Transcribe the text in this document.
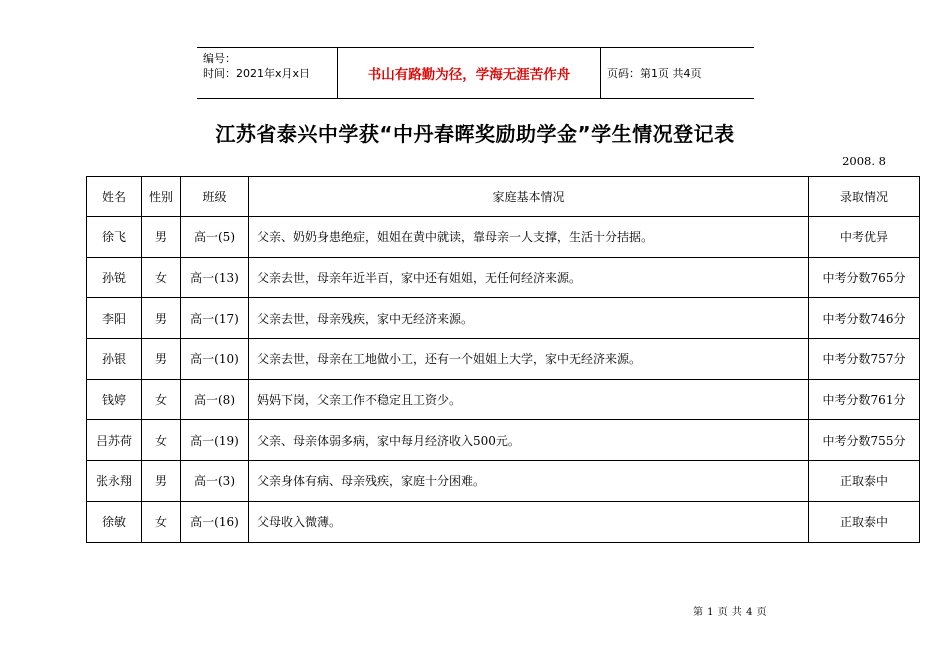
编号：
时间：2021年x月x日	书山有路勤为径，学海无涯苦作舟	页码：第1页 共4页
江苏省泰兴中学获“中丹春晖奖励助学金”学生情况登记表
2008. 8
姓名	性别	班级	家庭基本情况	录取情况
徐飞	男	高一(5)	父亲、奶奶身患绝症，姐姐在黄中就读，靠母亲一人支撑，生活十分拮据。	中考优异
孙锐	女	高一(13)	父亲去世，母亲年近半百，家中还有姐姐，无任何经济来源。	中考分数765分
李阳	男	高一(17)	父亲去世，母亲残疾，家中无经济来源。	中考分数746分
孙银	男	高一(10)	父亲去世，母亲在工地做小工，还有一个姐姐上大学，家中无经济来源。	中考分数757分
钱婷	女	高一(8)	妈妈下岗，父亲工作不稳定且工资少。	中考分数761分
吕苏荷	女	高一(19)	父亲、母亲体弱多病，家中每月经济收入500元。	中考分数755分
张永翔	男	高一(3)	父亲身体有病、母亲残疾，家庭十分困难。	正取泰中
徐敏	女	高一(16)	父母收入微薄。	正取泰中
第 1 页 共 4 页
